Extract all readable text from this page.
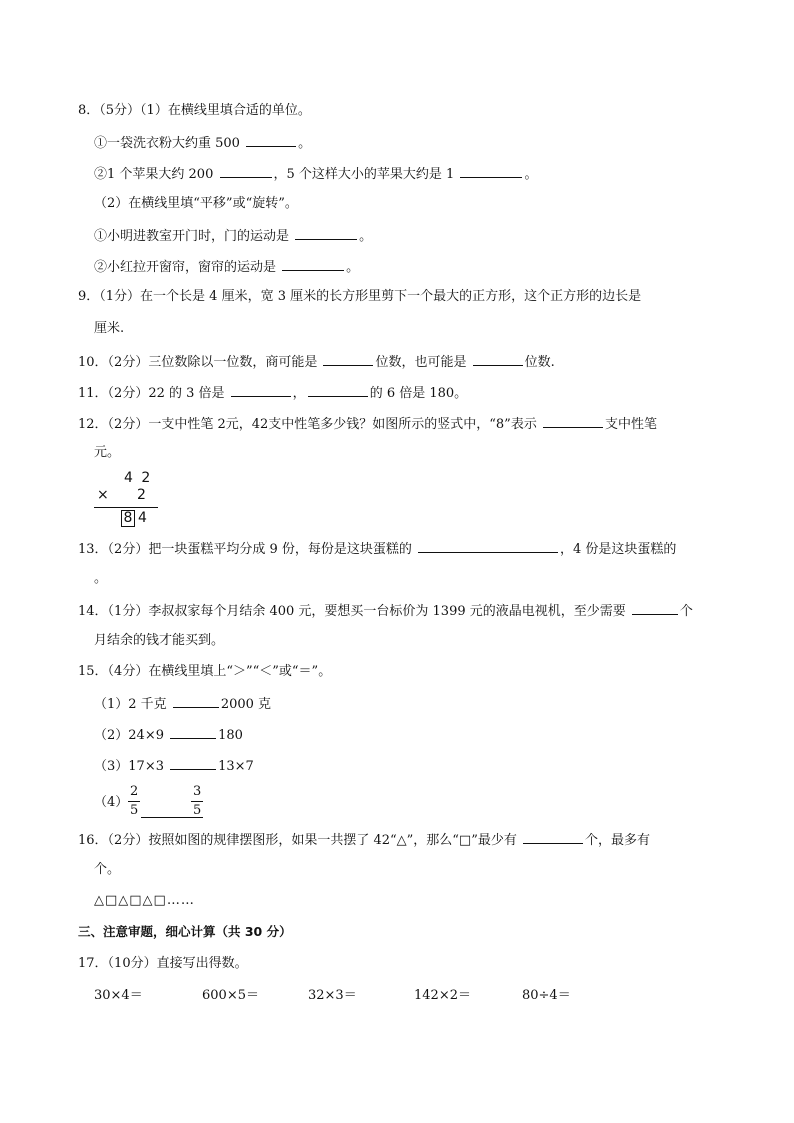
8．（5分）（1）在横线里填合适的单位。
①一袋洗衣粉大约重 500	。
②1 个苹果大约 200	，5 个这样大小的苹果大约是 1	。
（2）在横线里填“平移”或“旋转”。
①小明进教室开门时，门的运动是	。
②小红拉开窗帘，窗帘的运动是	。
9．（1分）在一个长是 4 厘米，宽 3 厘米的长方形里剪下一个最大的正方形，这个正方形的边长是
厘米.
10．（2分）三位数除以一位数，商可能是	位数，也可能是	位数.
11．（2分）22 的 3 倍是	，	的 6 倍是 180。
12．（2分）一支中性笔 2元，42支中性笔多少钱？如图所示的竖式中，“8”表示	支中性笔
元。
4 2
× 2
8 4
13．（2分）把一块蛋糕平均分成 9 份，每份是这块蛋糕的	，4 份是这块蛋糕的
。
14．（1分）李叔叔家每个月结余 400 元，要想买一台标价为 1399 元的液晶电视机，至少需要	个
月结余的钱才能买到。
15．（4分）在横线里填上“＞”“＜”或“＝”。
（1）2 千克	2000 克
（2）24×9	180
（3）17×3	13×7
（4）
2
5
3
5
16．（2分）按照如图的规律摆图形，如果一共摆了 42“△”，那么“□”最少有	个，最多有
个。
△□△□△□……
三、注意审题，细心计算（共 30 分）
17．（10分）直接写出得数。
30×4＝	600×5＝	32×3＝	142×2＝	80÷4＝
